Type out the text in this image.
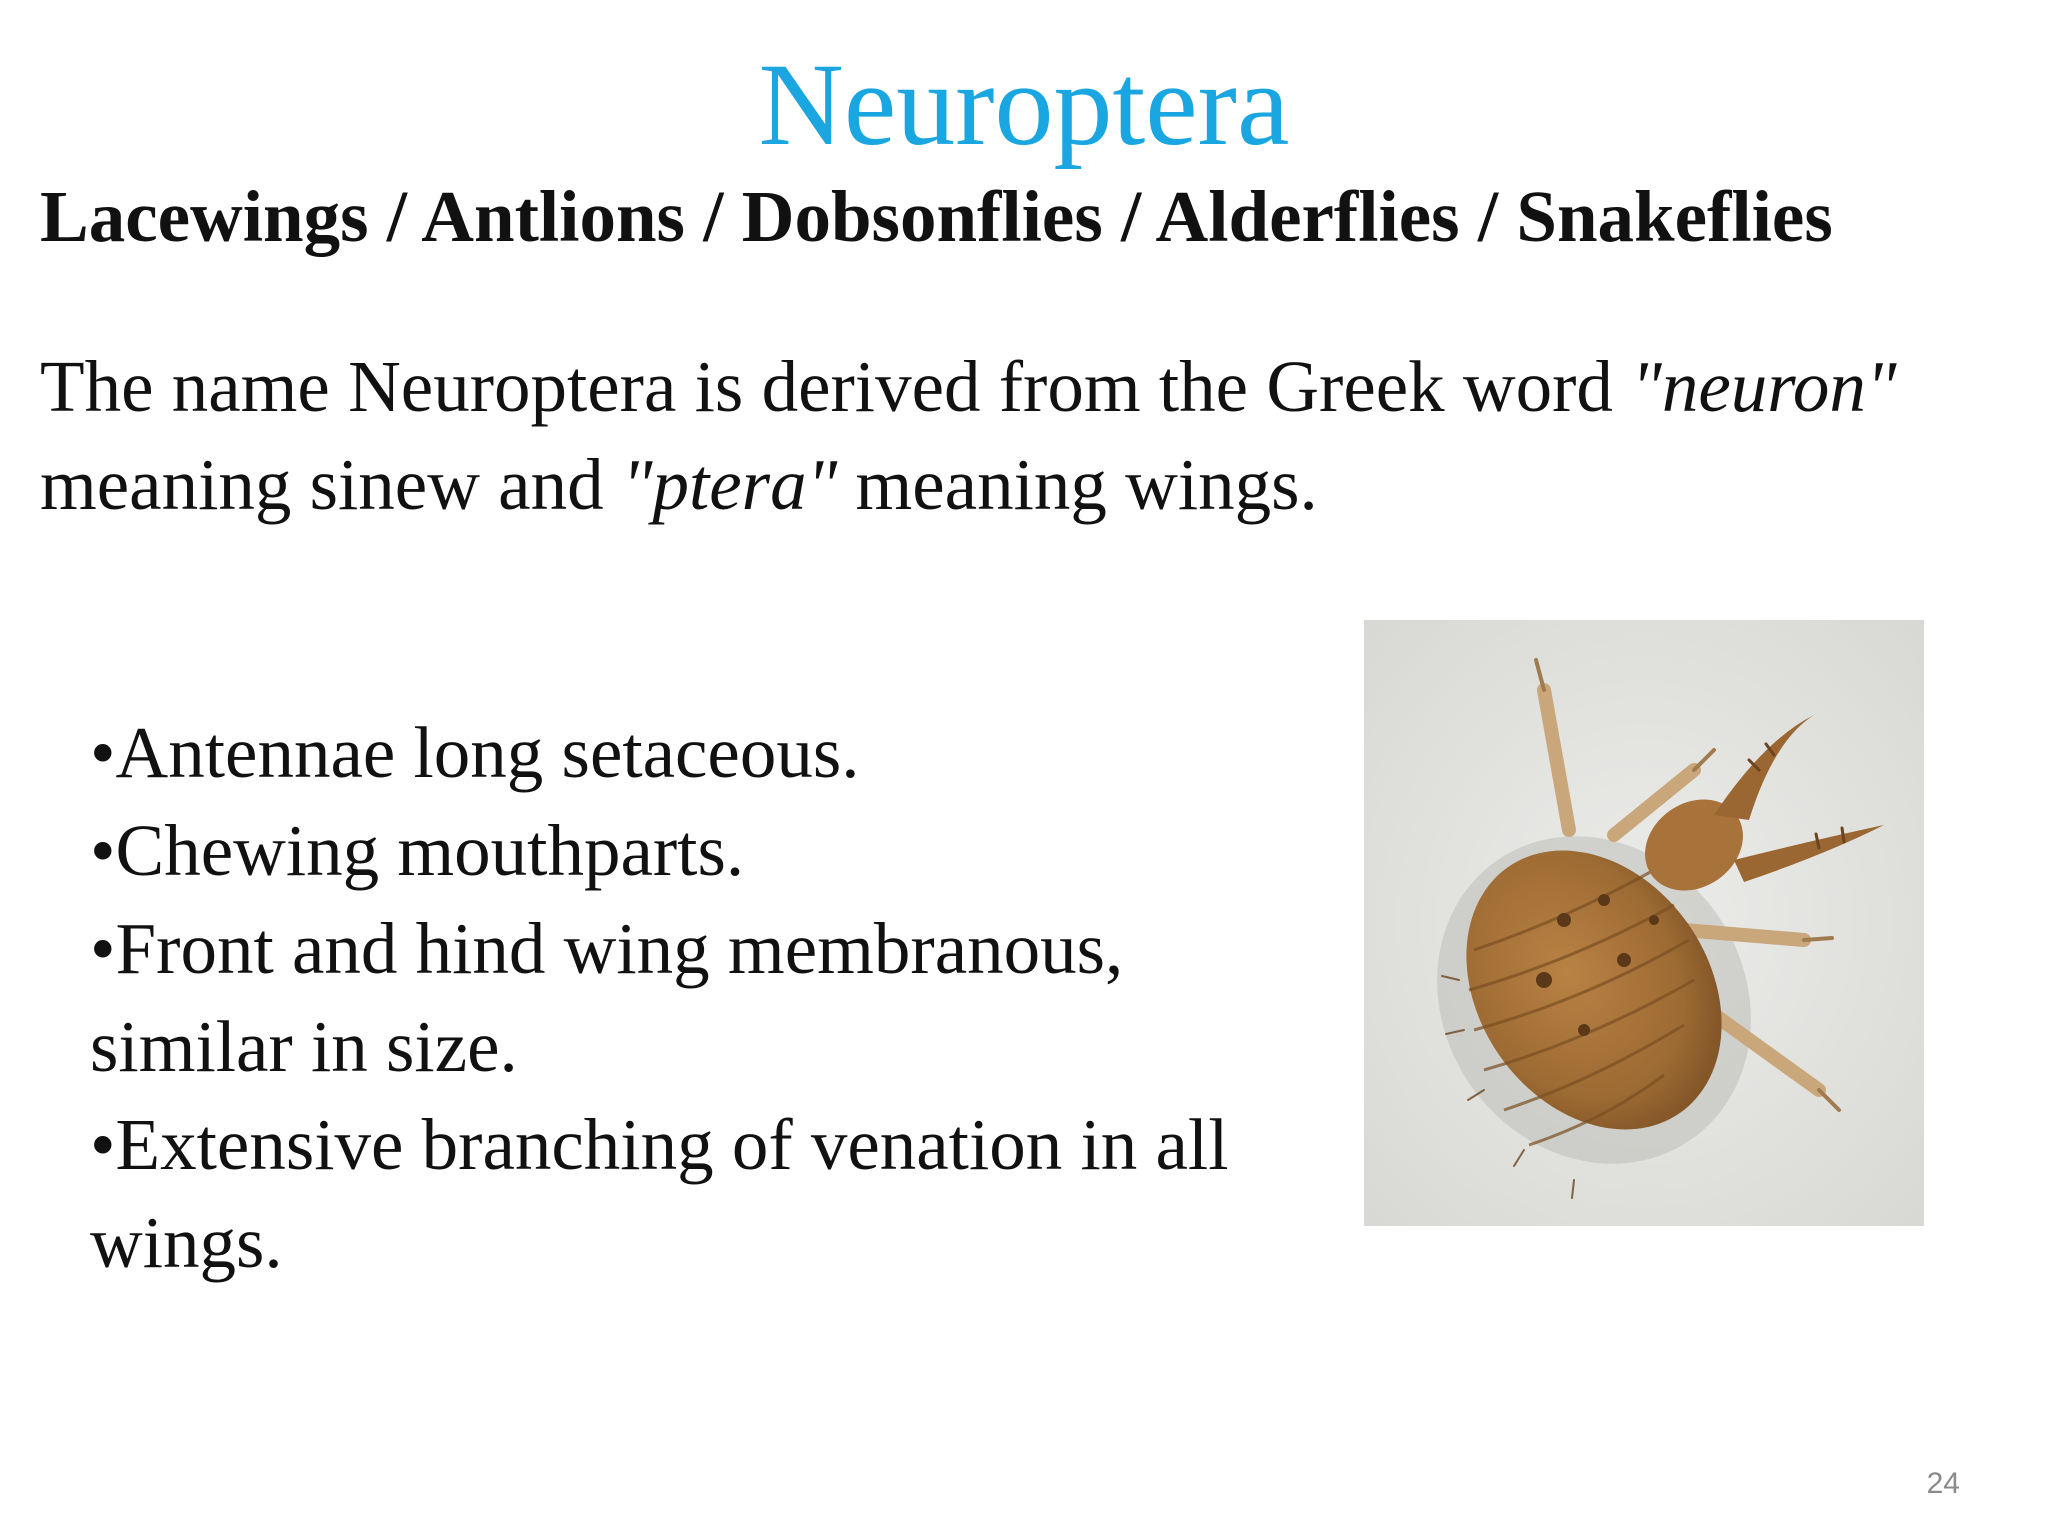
Neuroptera
Lacewings / Antlions / Dobsonflies / Alderflies / Snakeflies

The name Neuroptera is derived from the Greek word "neuron" meaning sinew and "ptera" meaning wings.

•Antennae long setaceous.
•Chewing mouthparts.
•Front and hind wing membranous, similar in size.
•Extensive branching of venation in all wings.
24
